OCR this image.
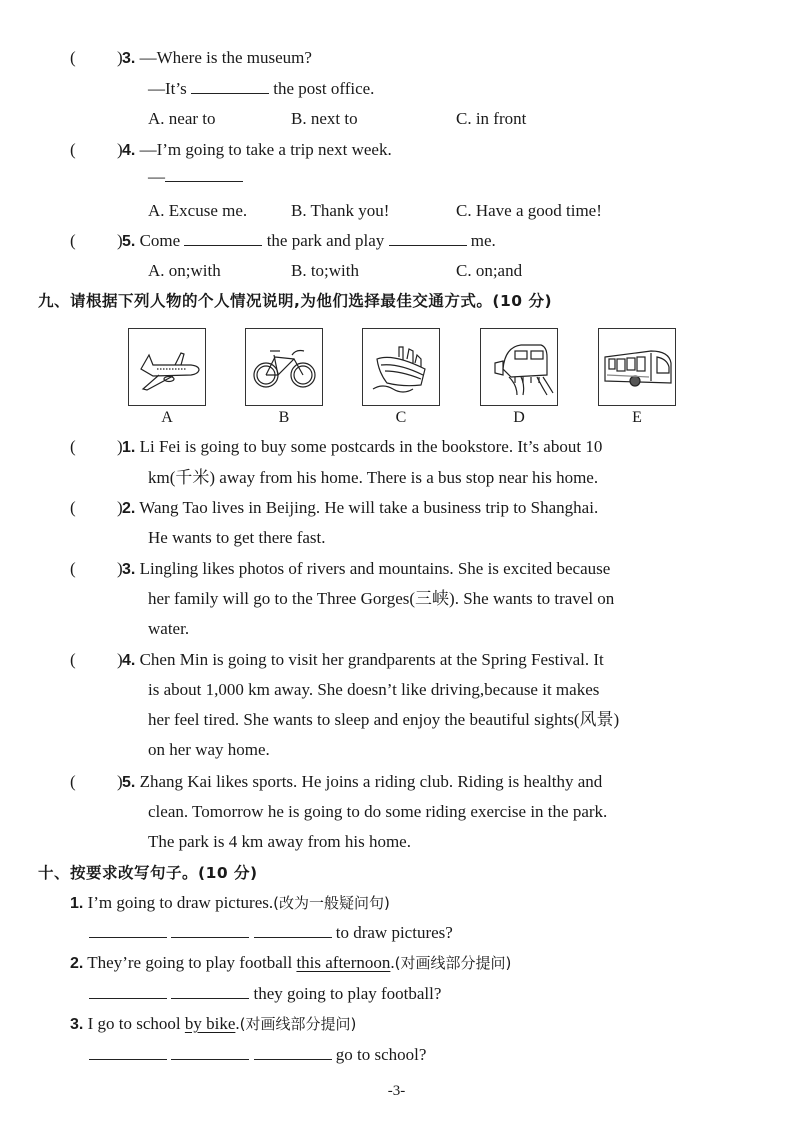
( ) 3. —Where is the museum?
—It’s	the post office.
A. near to	B. next to	C. in front
( ) 4. —I’m going to take a trip next week.
—
A. Excuse me.	B. Thank you!	C. Have a good time!
( ) 5. Come	the park and play	me.
A. on;with	B. to;with	C. on;and
九、请根据下列人物的个人情况说明,为他们选择最佳交通方式。(10 分)
A	B	C	D	E
( ) 1. Li Fei is going to buy some postcards in the bookstore. It’s about 10
km(千米) away from his home. There is a bus stop near his home.
( ) 2. Wang Tao lives in Beijing. He will take a business trip to Shanghai.
He wants to get there fast.
( ) 3. Lingling likes photos of rivers and mountains. She is excited because
her family will go to the Three Gorges(三峡). She wants to travel on
water.
( ) 4. Chen Min is going to visit her grandparents at the Spring Festival. It
is about 1,000 km away. She doesn’t like driving,because it makes
her feel tired. She wants to sleep and enjoy the beautiful sights(风景)
on her way home.
( ) 5. Zhang Kai likes sports. He joins a riding club. Riding is healthy and
clean. Tomorrow he is going to do some riding exercise in the park.
The park is 4 km away from his home.
十、按要求改写句子。(10 分)
1. I’m going to draw pictures.(改为一般疑问句)
to draw pictures?
2. They’re going to play football this afternoon.(对画线部分提问)
they going to play football?
3. I go to school by bike.(对画线部分提问)
go to school?
-3-
